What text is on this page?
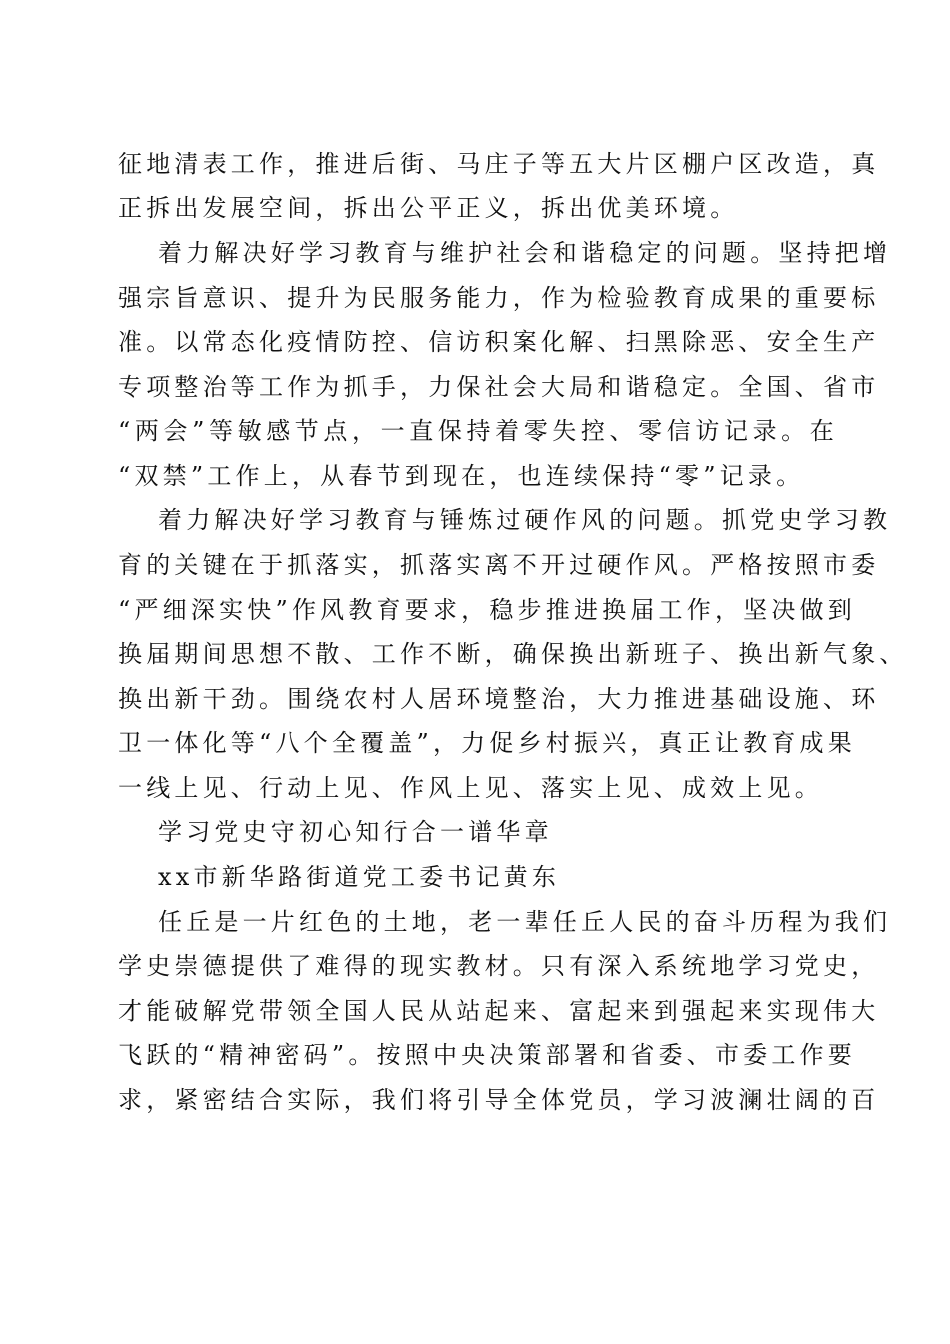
征地清表工作，推进后街、马庄子等五大片区棚户区改造，真
正拆出发展空间，拆出公平正义，拆出优美环境。
着力解决好学习教育与维护社会和谐稳定的问题。坚持把增
强宗旨意识、提升为民服务能力，作为检验教育成果的重要标
准。以常态化疫情防控、信访积案化解、扫黑除恶、安全生产
专项整治等工作为抓手，力保社会大局和谐稳定。全国、省市
“两会”等敏感节点，一直保持着零失控、零信访记录。在
“双禁”工作上，从春节到现在，也连续保持“零”记录。
着力解决好学习教育与锤炼过硬作风的问题。抓党史学习教
育的关键在于抓落实，抓落实离不开过硬作风。严格按照市委
“严细深实快”作风教育要求，稳步推进换届工作，坚决做到
换届期间思想不散、工作不断，确保换出新班子、换出新气象、
换出新干劲。围绕农村人居环境整治，大力推进基础设施、环
卫一体化等“八个全覆盖”，力促乡村振兴，真正让教育成果
一线上见、行动上见、作风上见、落实上见、成效上见。
学习党史守初心知行合一谱华章
xx市新华路街道党工委书记黄东
任丘是一片红色的土地，老一辈任丘人民的奋斗历程为我们
学史崇德提供了难得的现实教材。只有深入系统地学习党史，
才能破解党带领全国人民从站起来、富起来到强起来实现伟大
飞跃的“精神密码”。按照中央决策部署和省委、市委工作要
求，紧密结合实际，我们将引导全体党员，学习波澜壮阔的百
